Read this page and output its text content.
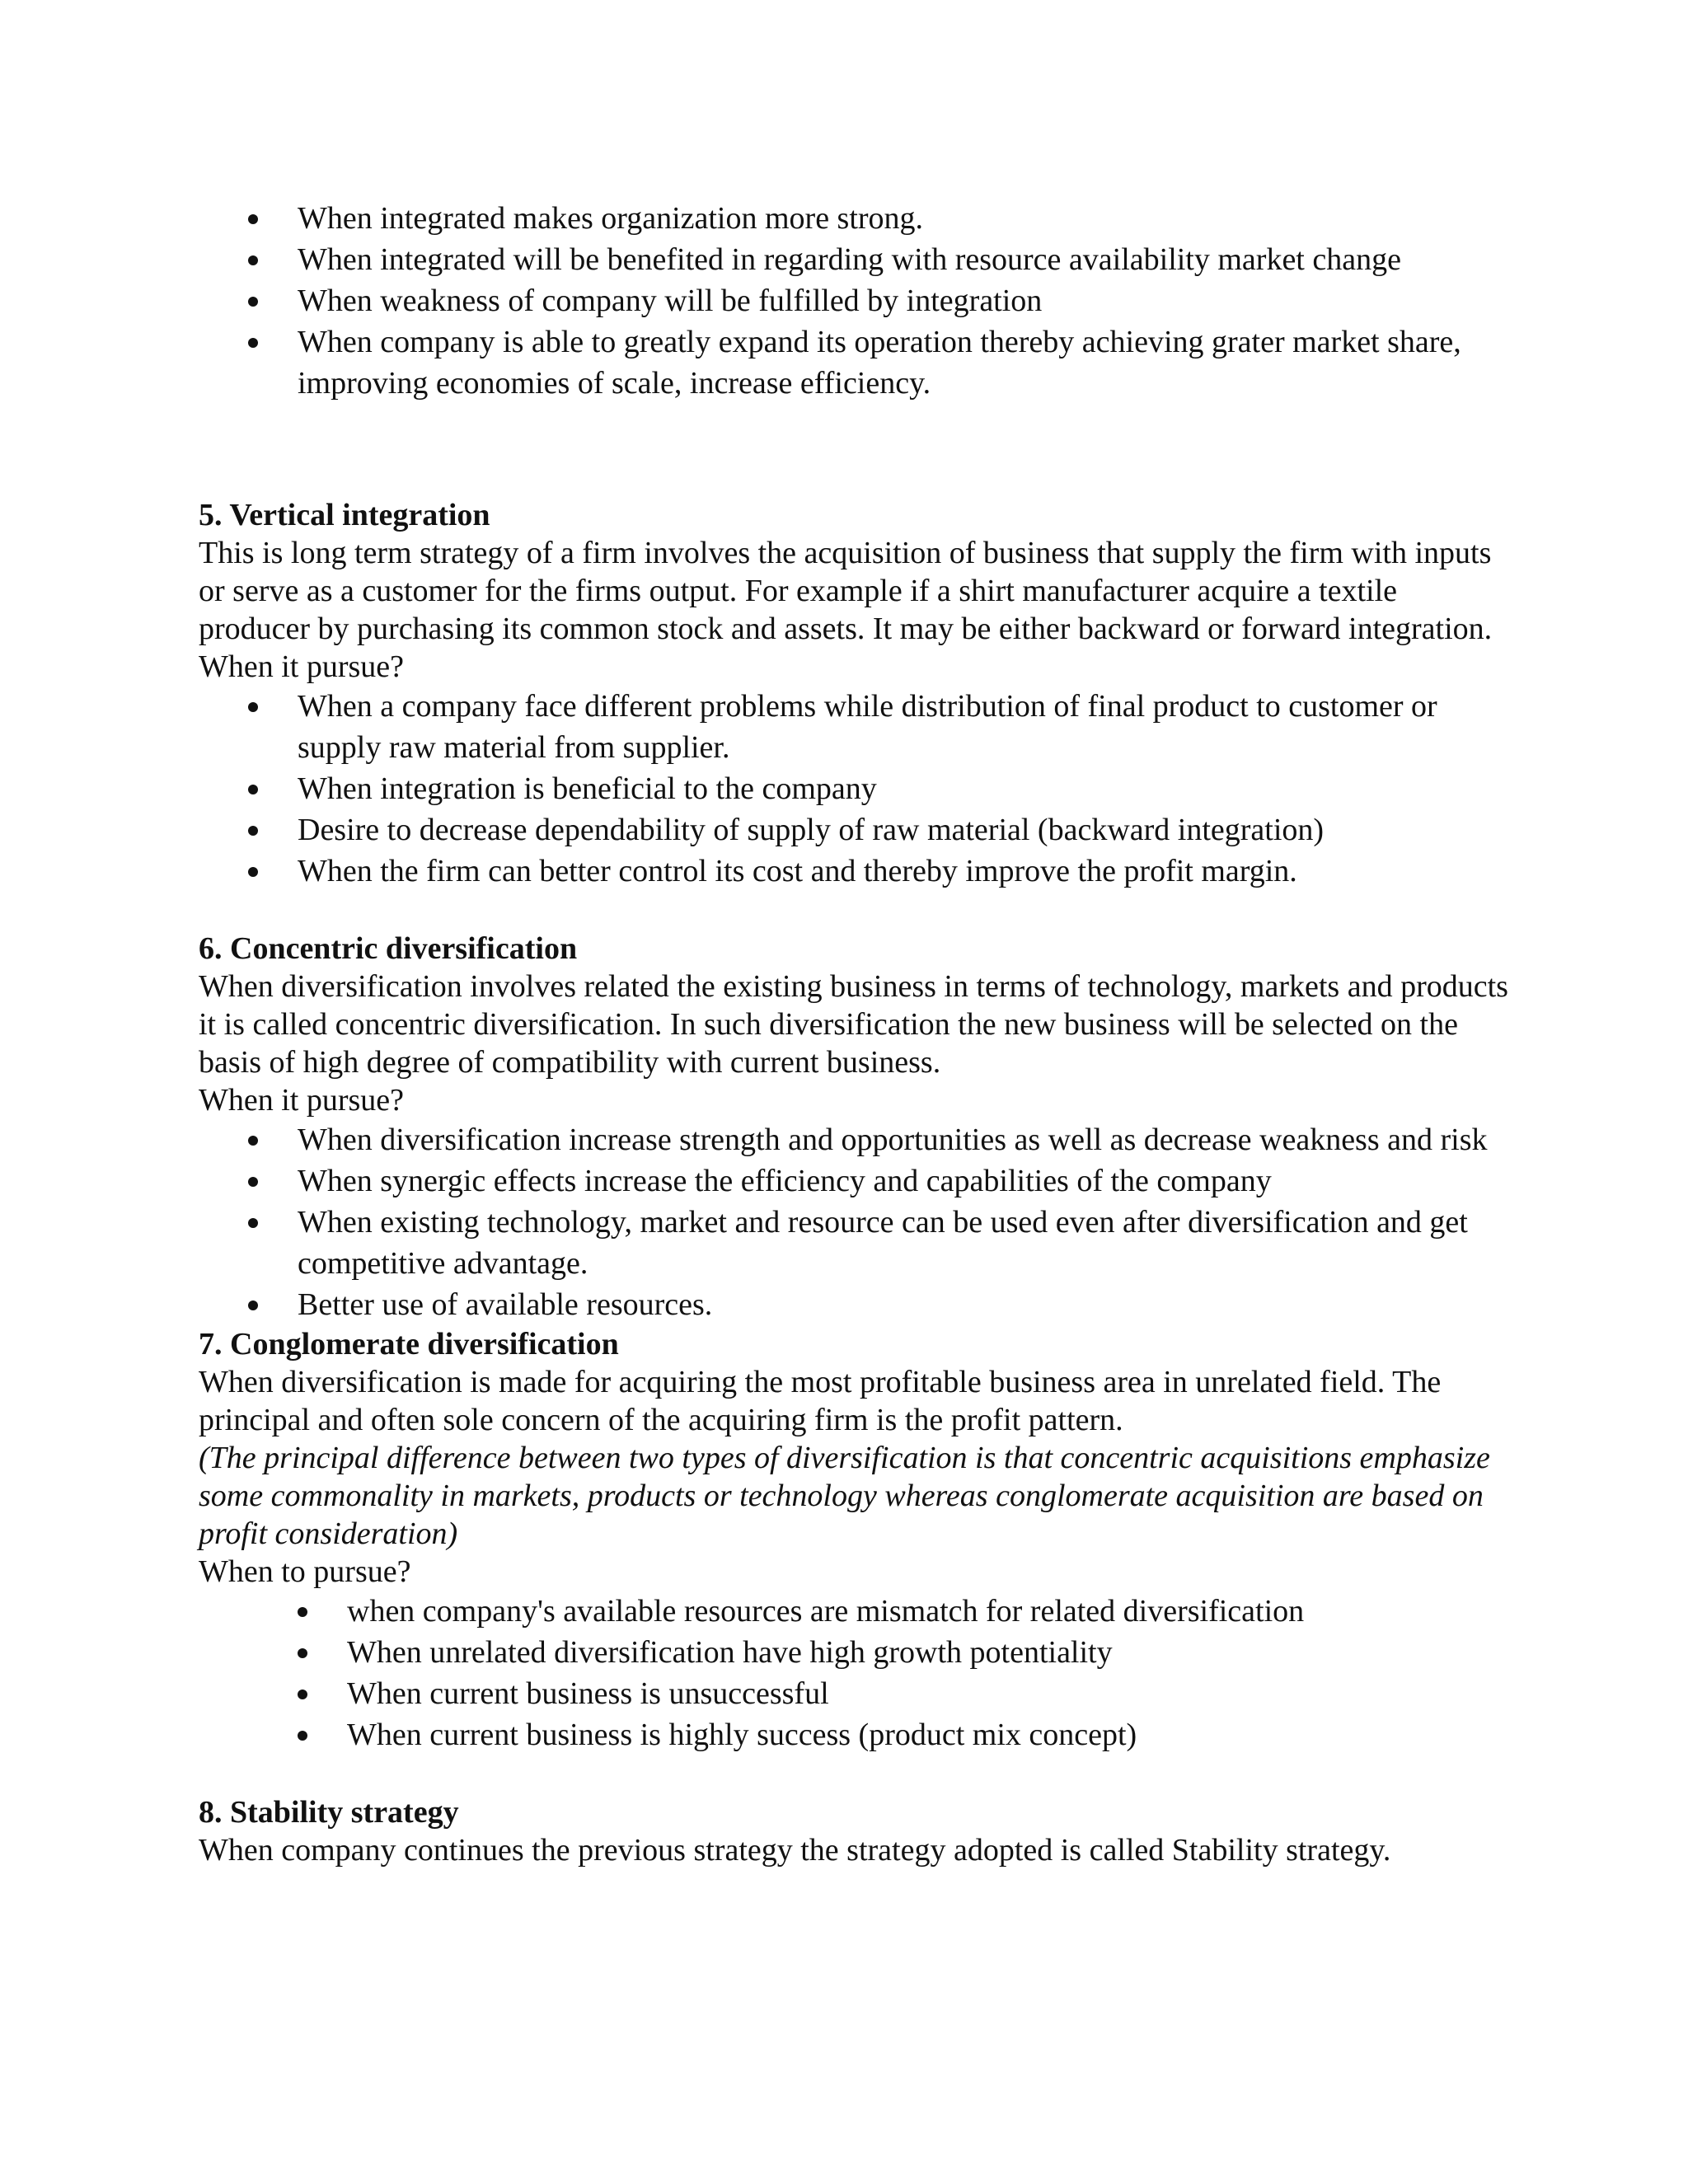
When integrated makes organization more strong.
When integrated will be benefited in regarding with resource availability market change
When weakness of company will be fulfilled by integration
When company is able to greatly expand its operation thereby achieving grater market share, improving economies of scale, increase efficiency.

5. Vertical integration

This is long term strategy of a firm involves the acquisition of business that supply the firm with inputs or serve as a customer for the firms output. For example if a shirt manufacturer acquire a textile producer by purchasing its common stock and assets. It may be either backward or forward integration.

When it pursue?

When a company face different problems while distribution of final product to customer or supply raw material from supplier.
When integration is beneficial to the company
Desire to decrease dependability of supply of raw material (backward integration)
When the firm can better control its cost and thereby improve the profit margin.

6. Concentric diversification

When diversification involves related the existing business in terms of technology, markets and products it is called concentric diversification. In such diversification the new business will be selected on the basis of high degree of compatibility with current business.

When it pursue?

When diversification increase strength and opportunities as well as decrease weakness and risk
When synergic effects increase the efficiency and capabilities of the company
When existing technology, market and resource can be used even after diversification and get competitive advantage.
Better use of available resources.

7. Conglomerate diversification

When diversification is made for acquiring the most profitable business area in unrelated field. The principal and often sole concern of the acquiring firm is the profit pattern.

(The principal difference between two types of diversification is that concentric acquisitions emphasize some commonality in markets, products or technology whereas conglomerate acquisition are based on profit consideration)

When to pursue?

when company's available resources are mismatch for related diversification
When unrelated diversification have high growth potentiality
When current business is unsuccessful
When current business is highly success (product mix concept)

8. Stability strategy

When company continues the previous strategy the strategy adopted is called Stability strategy.
